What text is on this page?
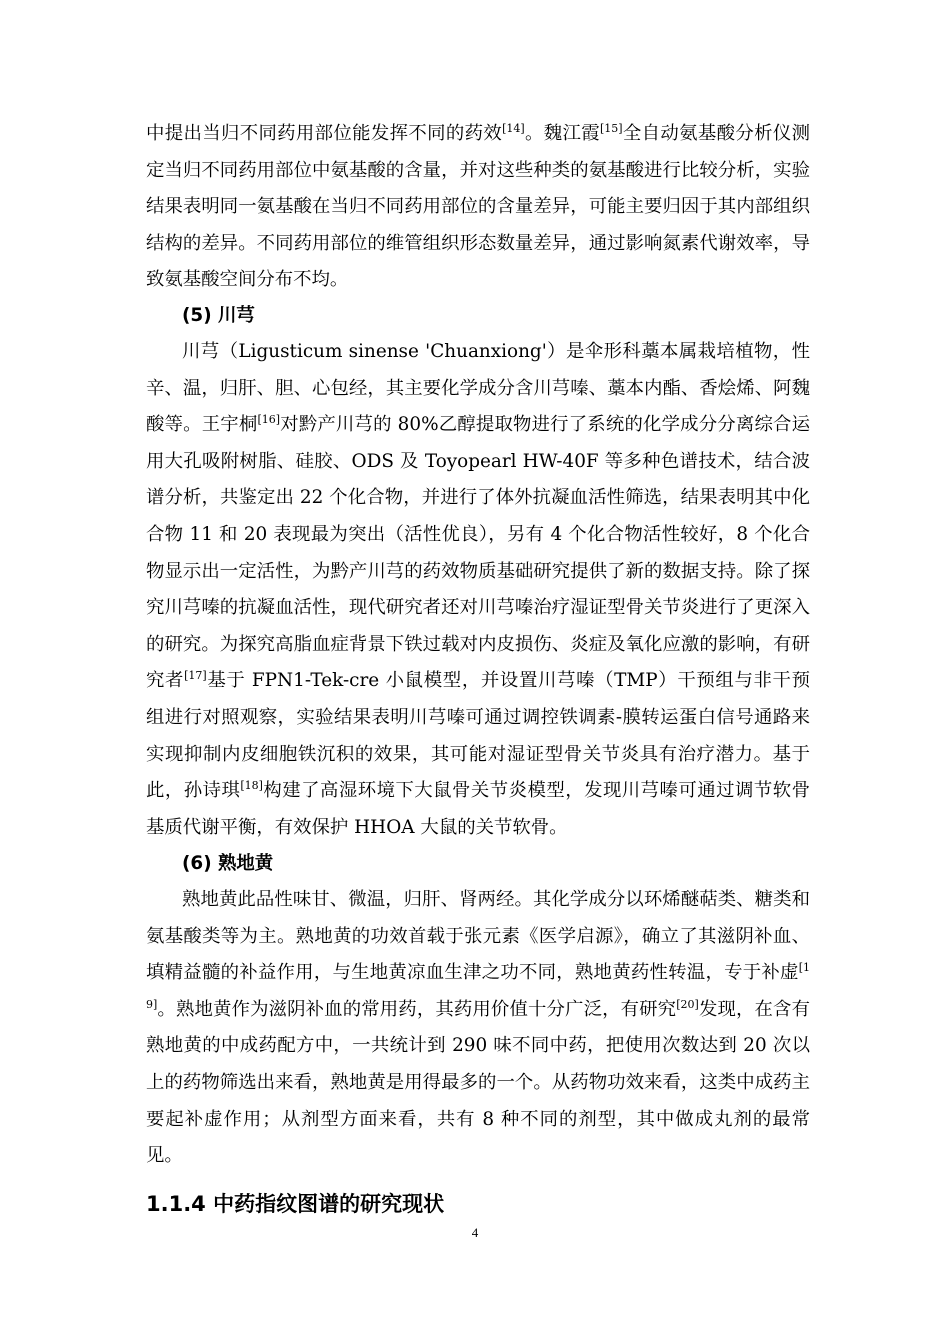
中提出当归不同药用部位能发挥不同的药效[14]。魏江霞[15]全自动氨基酸分析仪测定当归不同药用部位中氨基酸的含量，并对这些种类的氨基酸进行比较分析，实验结果表明同一氨基酸在当归不同药用部位的含量差异，可能主要归因于其内部组织结构的差异。不同药用部位的维管组织形态数量差异，通过影响氮素代谢效率，导致氨基酸空间分布不均。

(5) 川芎

川芎（Ligusticum sinense 'Chuanxiong'）是伞形科藁本属栽培植物，性辛、温，归肝、胆、心包经，其主要化学成分含川芎嗪、藁本内酯、香烩烯、阿魏酸等。王宇桐[16]对黔产川芎的 80%乙醇提取物进行了系统的化学成分分离综合运用大孔吸附树脂、硅胶、ODS 及 Toyopearl HW-40F 等多种色谱技术，结合波谱分析，共鉴定出 22 个化合物，并进行了体外抗凝血活性筛选，结果表明其中化合物 11 和 20 表现最为突出（活性优良），另有 4 个化合物活性较好，8 个化合物显示出一定活性，为黔产川芎的药效物质基础研究提供了新的数据支持。除了探究川芎嗪的抗凝血活性，现代研究者还对川芎嗪治疗湿证型骨关节炎进行了更深入的研究。为探究高脂血症背景下铁过载对内皮损伤、炎症及氧化应激的影响，有研究者[17]基于 FPN1-Tek-cre 小鼠模型，并设置川芎嗪（TMP）干预组与非干预组进行对照观察，实验结果表明川芎嗪可通过调控铁调素-膜转运蛋白信号通路来实现抑制内皮细胞铁沉积的效果，其可能对湿证型骨关节炎具有治疗潜力。基于此，孙诗琪[18]构建了高湿环境下大鼠骨关节炎模型，发现川芎嗪可通过调节软骨基质代谢平衡，有效保护 HHOA 大鼠的关节软骨。

(6) 熟地黄

熟地黄此品性味甘、微温，归肝、肾两经。其化学成分以环烯醚萜类、糖类和氨基酸类等为主。熟地黄的功效首载于张元素《医学启源》，确立了其滋阴补血、填精益髓的补益作用，与生地黄凉血生津之功不同，熟地黄药性转温，专于补虚[19]。熟地黄作为滋阴补血的常用药，其药用价值十分广泛，有研究[20]发现，在含有熟地黄的中成药配方中，一共统计到 290 味不同中药，把使用次数达到 20 次以上的药物筛选出来看，熟地黄是用得最多的一个。从药物功效来看，这类中成药主要起补虚作用；从剂型方面来看，共有 8 种不同的剂型，其中做成丸剂的最常见。

1.1.4 中药指纹图谱的研究现状
4
